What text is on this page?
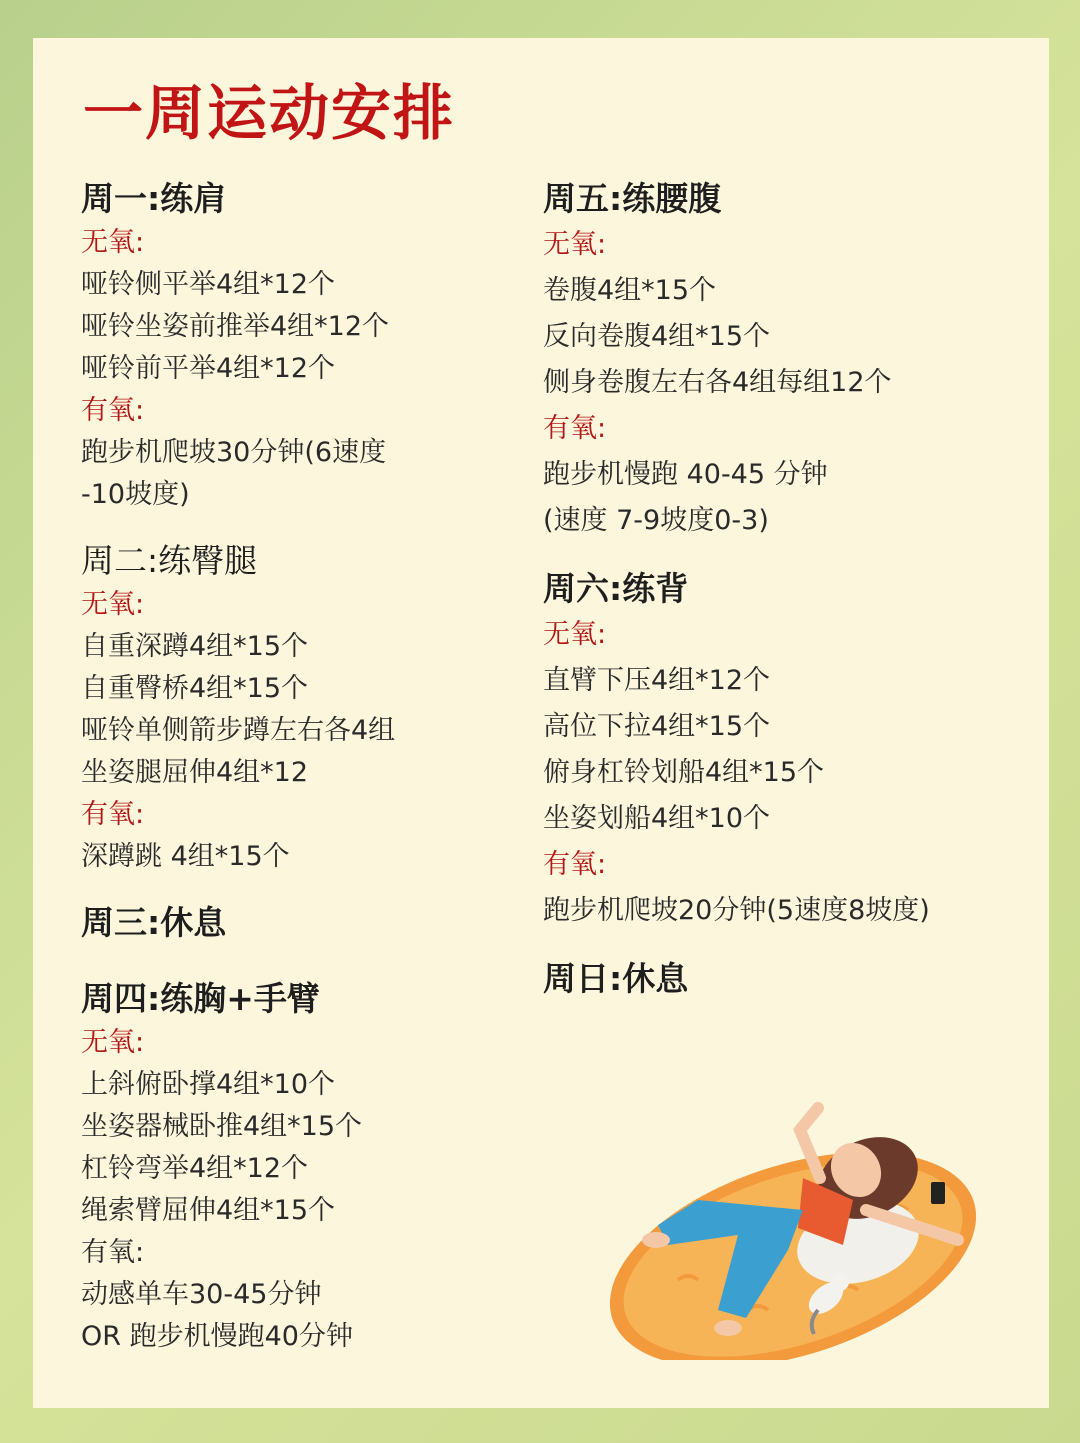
一周运动安排
周一:练肩
无氧:
哑铃侧平举4组*12个
哑铃坐姿前推举4组*12个
哑铃前平举4组*12个
有氧:
跑步机爬坡30分钟(6速度
-10坡度)
周二:练臀腿
无氧:
自重深蹲4组*15个
自重臀桥4组*15个
哑铃单侧箭步蹲左右各4组
坐姿腿屈伸4组*12
有氧:
深蹲跳 4组*15个
周三:休息
周四:练胸+手臂
无氧:
上斜俯卧撑4组*10个
坐姿器械卧推4组*15个
杠铃弯举4组*12个
绳索臂屈伸4组*15个
有氧:
动感单车30-45分钟
OR 跑步机慢跑40分钟
周五:练腰腹
无氧:
卷腹4组*15个
反向卷腹4组*15个
侧身卷腹左右各4组每组12个
有氧:
跑步机慢跑 40-45 分钟
(速度 7-9坡度0-3)
周六:练背
无氧:
直臂下压4组*12个
高位下拉4组*15个
俯身杠铃划船4组*15个
坐姿划船4组*10个
有氧:
跑步机爬坡20分钟(5速度8坡度)
周日:休息
